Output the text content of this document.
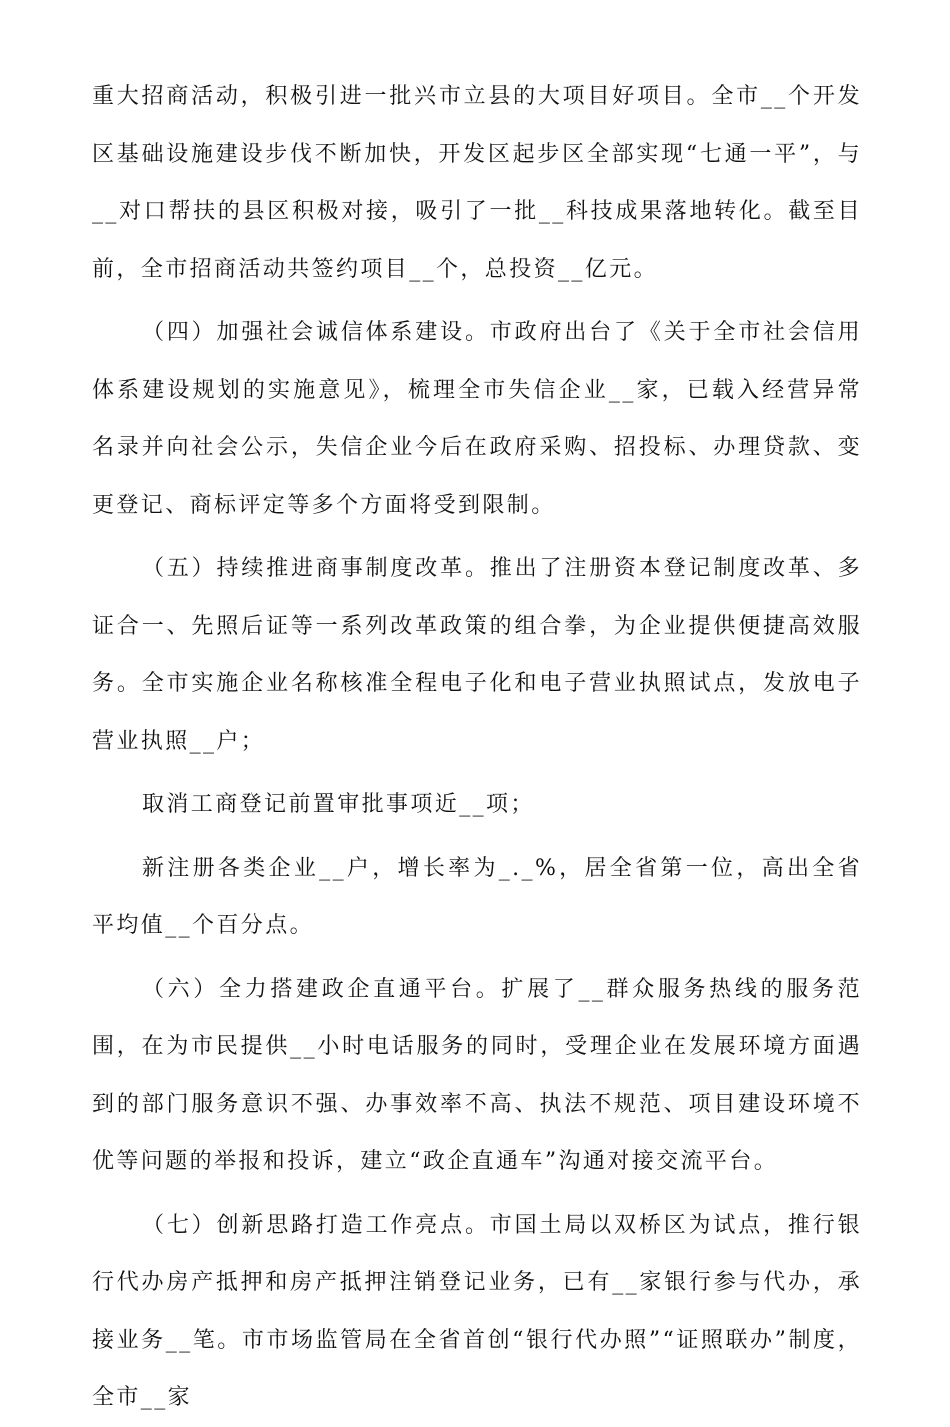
重大招商活动，积极引进一批兴市立县的大项目好项目。全市__个开发区基础设施建设步伐不断加快，开发区起步区全部实现“七通一平”，与__对口帮扶的县区积极对接，吸引了一批__科技成果落地转化。截至目前，全市招商活动共签约项目__个，总投资__亿元。

（四）加强社会诚信体系建设。市政府出台了《关于全市社会信用体系建设规划的实施意见》，梳理全市失信企业__家，已载入经营异常名录并向社会公示，失信企业今后在政府采购、招投标、办理贷款、变更登记、商标评定等多个方面将受到限制。

（五）持续推进商事制度改革。推出了注册资本登记制度改革、多证合一、先照后证等一系列改革政策的组合拳，为企业提供便捷高效服务。全市实施企业名称核准全程电子化和电子营业执照试点，发放电子营业执照__户；

取消工商登记前置审批事项近__项；

新注册各类企业__户，增长率为_._%，居全省第一位，高出全省平均值__个百分点。

（六）全力搭建政企直通平台。扩展了__群众服务热线的服务范围，在为市民提供__小时电话服务的同时，受理企业在发展环境方面遇到的部门服务意识不强、办事效率不高、执法不规范、项目建设环境不优等问题的举报和投诉，建立“政企直通车”沟通对接交流平台。

（七）创新思路打造工作亮点。市国土局以双桥区为试点，推行银行代办房产抵押和房产抵押注销登记业务，已有__家银行参与代办，承接业务__笔。市市场监管局在全省首创“银行代办照”“证照联办”制度，全市__家
